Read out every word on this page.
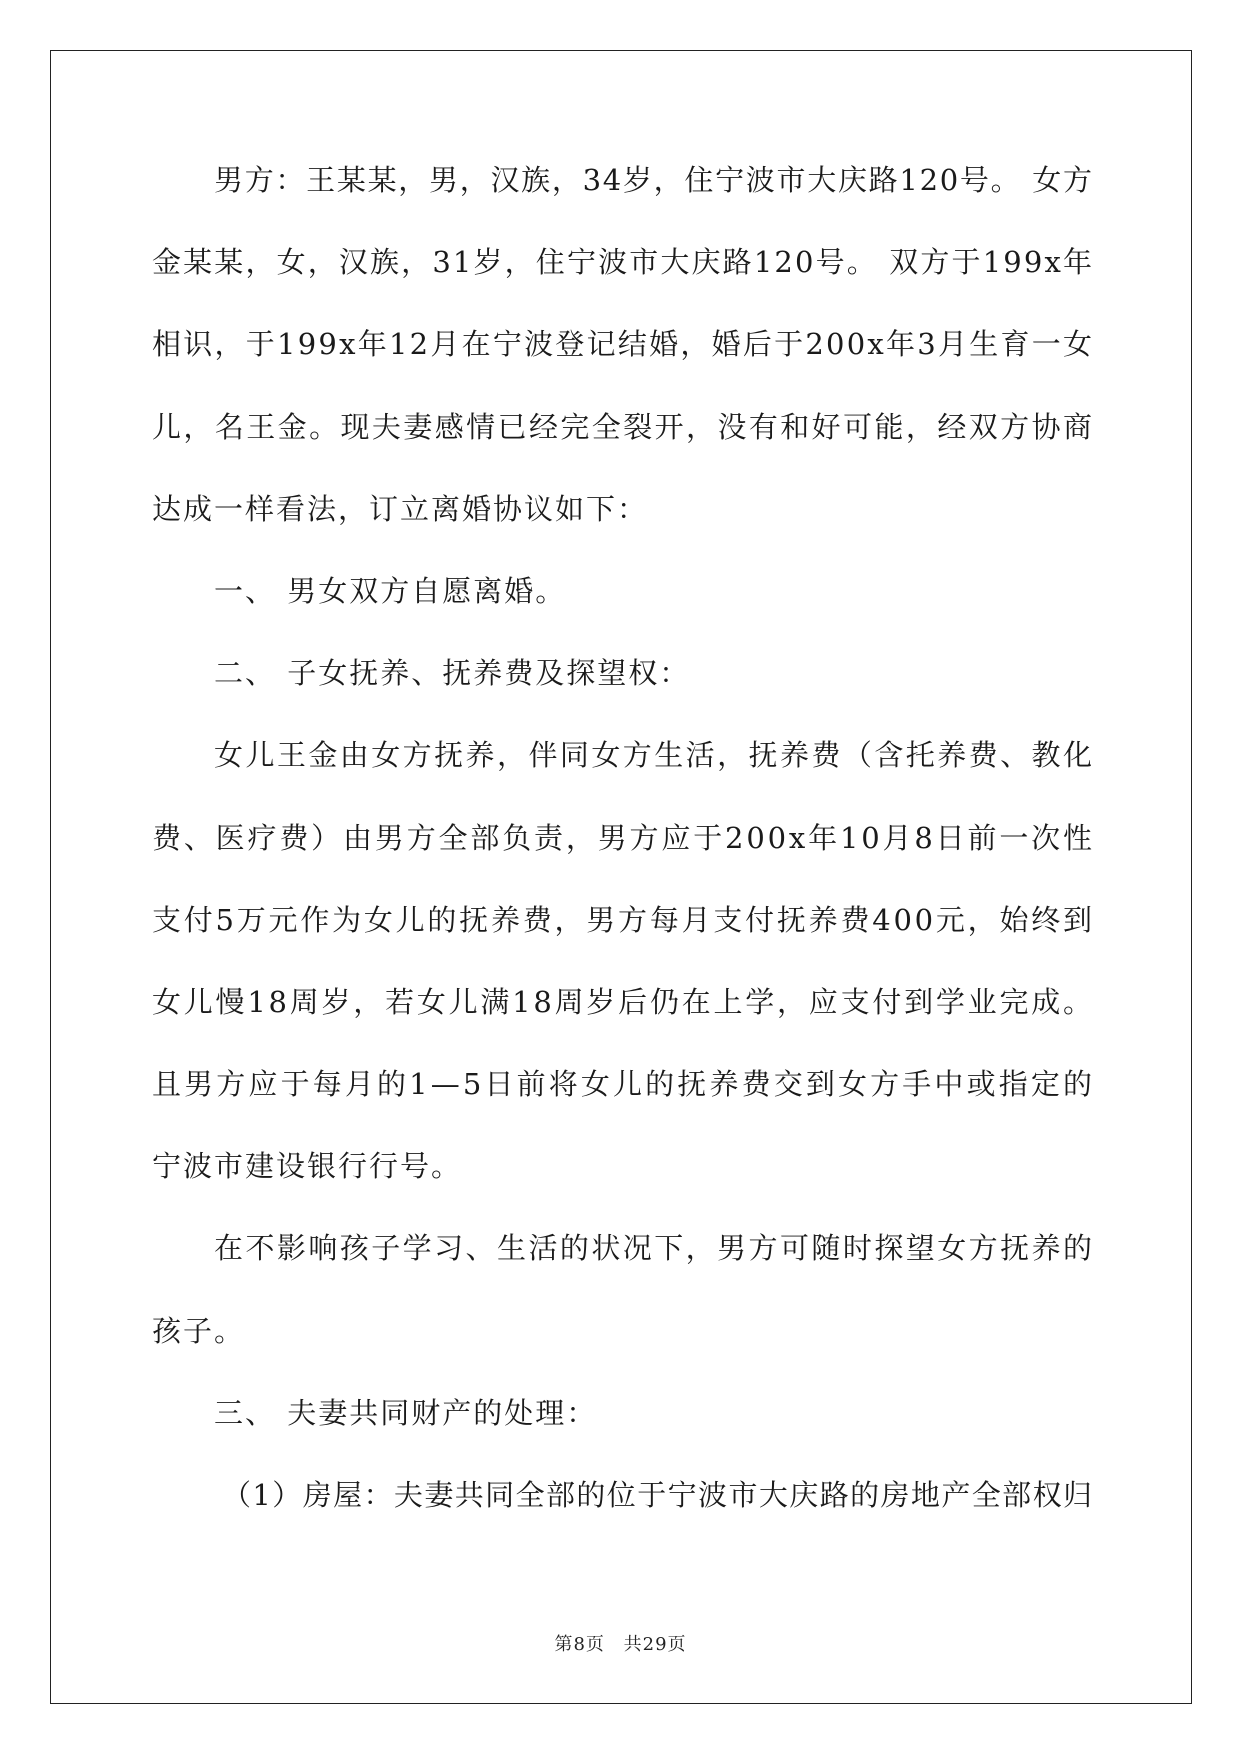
男方：王某某，男，汉族，34岁，住宁波市大庆路120号。 女方
金某某，女，汉族，31岁，住宁波市大庆路120号。 双方于199x年
相识，于199x年12月在宁波登记结婚，婚后于200x年3月生育一女
儿，名王金。现夫妻感情已经完全裂开，没有和好可能，经双方协商
达成一样看法，订立离婚协议如下：
一、 男女双方自愿离婚。
二、 子女抚养、抚养费及探望权：
女儿王金由女方抚养，伴同女方生活，抚养费（含托养费、教化
费、医疗费）由男方全部负责，男方应于200x年10月8日前一次性
支付5万元作为女儿的抚养费，男方每月支付抚养费400元，始终到
女儿慢18周岁，若女儿满18周岁后仍在上学，应支付到学业完成。
且男方应于每月的1—5日前将女儿的抚养费交到女方手中或指定的
宁波市建设银行行号。
在不影响孩子学习、生活的状况下，男方可随时探望女方抚养的
孩子。
三、 夫妻共同财产的处理：
（1）房屋：夫妻共同全部的位于宁波市大庆路的房地产全部权归
第8页 共29页
